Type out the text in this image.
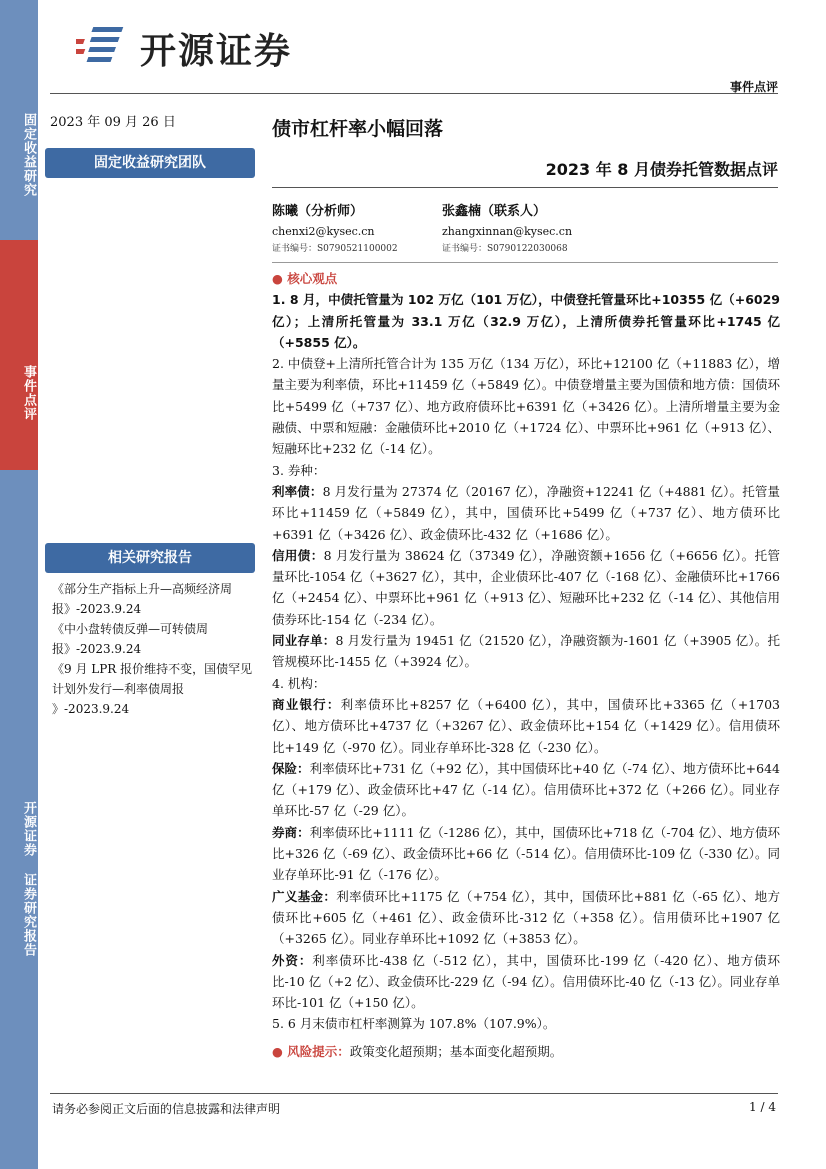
固定收益研究
事件点评
开源证券 证券研究报告
开源证券
事件点评
2023 年 09 月 26 日
固定收益研究团队
债市杠杆率小幅回落
2023 年 8 月债券托管数据点评
陈曦（分析师）
chenxi2@kysec.cn
证书编号：S0790521100002
张鑫楠（联系人）
zhangxinnan@kysec.cn
证书编号：S0790122030068

● 核心观点

1. 8 月，中债托管量为 102 万亿（101 万亿），中债登托管量环比+10355 亿（+6029 亿）；上清所托管量为 33.1 万亿（32.9 万亿），上清所债券托管量环比+1745 亿（+5855 亿）。

2. 中债登+上清所托管合计为 135 万亿（134 万亿），环比+12100 亿（+11883 亿），增量主要为利率债，环比+11459 亿（+5849 亿）。中债登增量主要为国债和地方债：国债环比+5499 亿（+737 亿）、地方政府债环比+6391 亿（+3426 亿）。上清所增量主要为金融债、中票和短融：金融债环比+2010 亿（+1724 亿）、中票环比+961 亿（+913 亿）、短融环比+232 亿（-14 亿）。

3. 券种：

利率债：8 月发行量为 27374 亿（20167 亿），净融资+12241 亿（+4881 亿）。托管量环比+11459 亿（+5849 亿），其中，国债环比+5499 亿（+737 亿）、地方债环比+6391 亿（+3426 亿）、政金债环比-432 亿（+1686 亿）。

信用债：8 月发行量为 38624 亿（37349 亿），净融资额+1656 亿（+6656 亿）。托管量环比-1054 亿（+3627 亿），其中，企业债环比-407 亿（-168 亿）、金融债环比+1766 亿（+2454 亿）、中票环比+961 亿（+913 亿）、短融环比+232 亿（-14 亿）、其他信用债券环比-154 亿（-234 亿）。

同业存单：8 月发行量为 19451 亿（21520 亿），净融资额为-1601 亿（+3905 亿）。托管规模环比-1455 亿（+3924 亿）。

4. 机构：

商业银行：利率债环比+8257 亿（+6400 亿），其中，国债环比+3365 亿（+1703 亿）、地方债环比+4737 亿（+3267 亿）、政金债环比+154 亿（+1429 亿）。信用债环比+149 亿（-970 亿）。同业存单环比-328 亿（-230 亿）。

保险：利率债环比+731 亿（+92 亿），其中国债环比+40 亿（-74 亿）、地方债环比+644 亿（+179 亿）、政金债环比+47 亿（-14 亿）。信用债环比+372 亿（+266 亿）。同业存单环比-57 亿（-29 亿）。

券商：利率债环比+1111 亿（-1286 亿），其中，国债环比+718 亿（-704 亿）、地方债环比+326 亿（-69 亿）、政金债环比+66 亿（-514 亿）。信用债环比-109 亿（-330 亿）。同业存单环比-91 亿（-176 亿）。

广义基金：利率债环比+1175 亿（+754 亿），其中，国债环比+881 亿（-65 亿）、地方债环比+605 亿（+461 亿）、政金债环比-312 亿（+358 亿）。信用债环比+1907 亿（+3265 亿）。同业存单环比+1092 亿（+3853 亿）。

外资：利率债环比-438 亿（-512 亿），其中，国债环比-199 亿（-420 亿）、地方债环比-10 亿（+2 亿）、政金债环比-229 亿（-94 亿）。信用债环比-40 亿（-13 亿）。同业存单环比-101 亿（+150 亿）。

5. 6 月末债市杠杆率测算为 107.8%（107.9%）。

● 风险提示：政策变化超预期；基本面变化超预期。

相关研究报告
《部分生产指标上升—高频经济周报》-2023.9.24
《中小盘转债反弹—可转债周报》-2023.9.24
《9 月 LPR 报价维持不变，国债罕见计划外发行—利率债周报 》-2023.9.24
请务必参阅正文后面的信息披露和法律声明	1 / 4
